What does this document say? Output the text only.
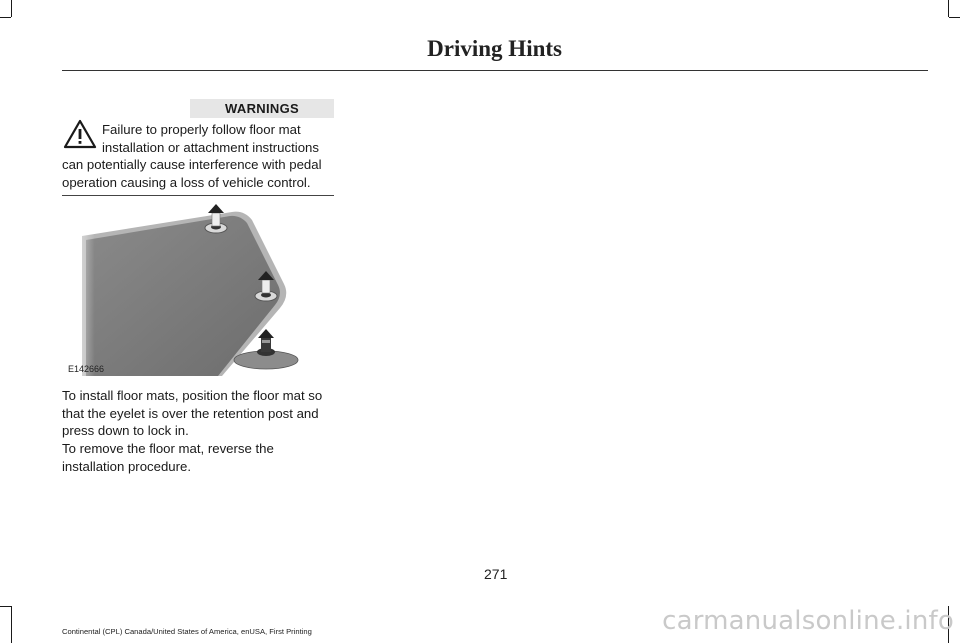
Driving Hints
WARNINGS

Failure to properly follow floor mat installation or attachment instructions can potentially cause interference with pedal operation causing a loss of vehicle control.

E142666

To install floor mats, position the floor mat so that the eyelet is over the retention post and press down to lock in.

To remove the floor mat, reverse the installation procedure.

271
Continental (CPL) Canada/United States of America, enUSA, First Printing	carmanualsonline.info
